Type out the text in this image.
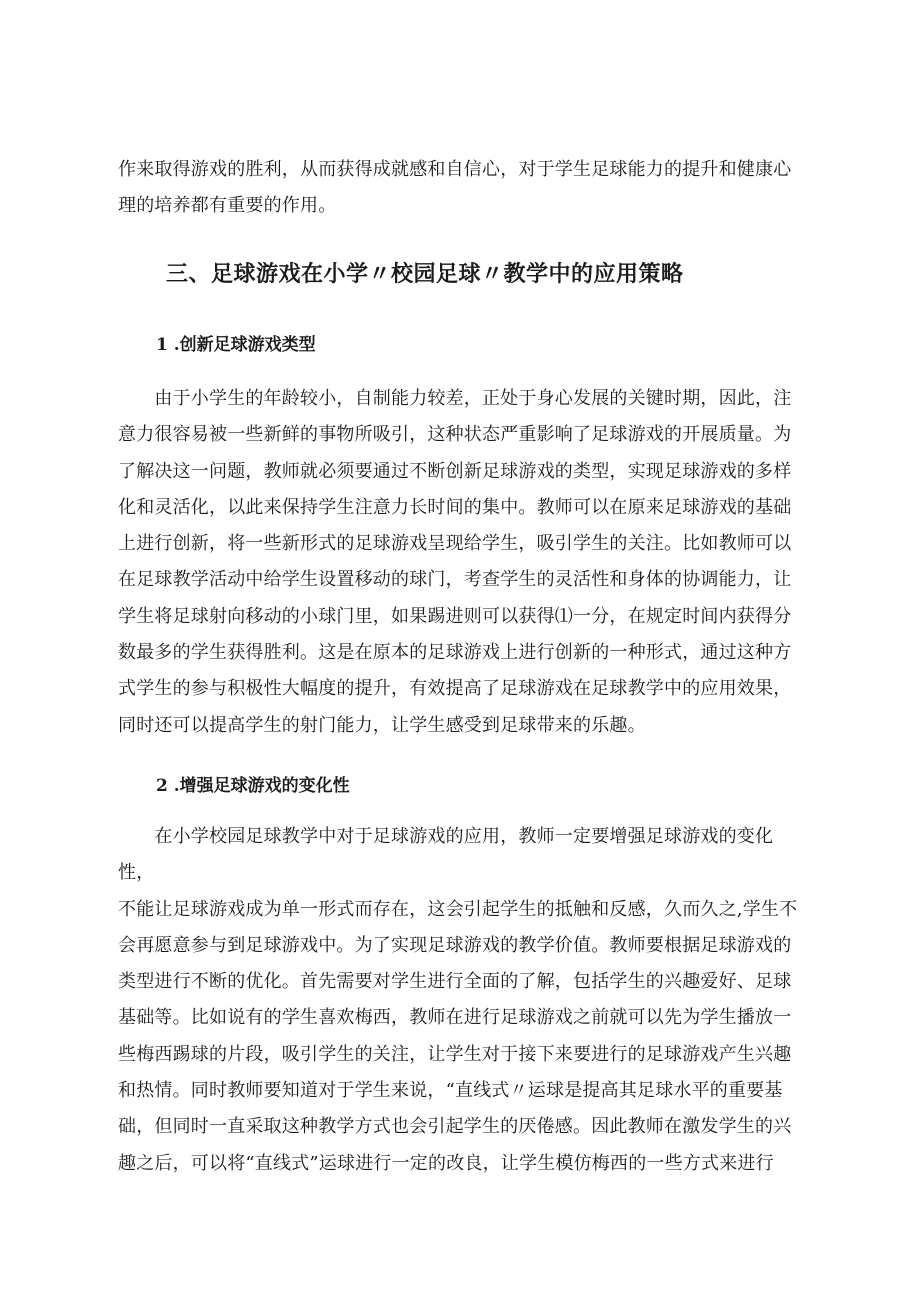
作来取得游戏的胜利，从而获得成就感和自信心，对于学生足球能力的提升和健康心
理的培养都有重要的作用。

三、足球游戏在小学〃校园足球〃教学中的应用策略
1 .创新足球游戏类型

　　由于小学生的年龄较小，自制能力较差，正处于身心发展的关键时期，因此，注
意力很容易被一些新鲜的事物所吸引，这种状态严重影响了足球游戏的开展质量。为
了解决这一问题，教师就必须要通过不断创新足球游戏的类型，实现足球游戏的多样
化和灵活化，以此来保持学生注意力长时间的集中。教师可以在原来足球游戏的基础
上进行创新，将一些新形式的足球游戏呈现给学生，吸引学生的关注。比如教师可以
在足球教学活动中给学生设置移动的球门，考查学生的灵活性和身体的协调能力，让
学生将足球射向移动的小球门里，如果踢进则可以获得⑴一分，在规定时间内获得分
数最多的学生获得胜利。这是在原本的足球游戏上进行创新的一种形式，通过这种方
式学生的参与积极性大幅度的提升，有效提高了足球游戏在足球教学中的应用效果，
同时还可以提高学生的射门能力，让学生感受到足球带来的乐趣。

2 .增强足球游戏的变化性

　　在小学校园足球教学中对于足球游戏的应用，教师一定要增强足球游戏的变化性，
不能让足球游戏成为单一形式而存在，这会引起学生的抵触和反感，久而久之,学生不
会再愿意参与到足球游戏中。为了实现足球游戏的教学价值。教师要根据足球游戏的
类型进行不断的优化。首先需要对学生进行全面的了解，包括学生的兴趣爱好、足球
基础等。比如说有的学生喜欢梅西，教师在进行足球游戏之前就可以先为学生播放一
些梅西踢球的片段，吸引学生的关注，让学生对于接下来要进行的足球游戏产生兴趣
和热情。同时教师要知道对于学生来说，“直线式〃运球是提高其足球水平的重要基
础，但同时一直采取这种教学方式也会引起学生的厌倦感。因此教师在激发学生的兴
趣之后，可以将“直线式”运球进行一定的改良，让学生模仿梅西的一些方式来进行
